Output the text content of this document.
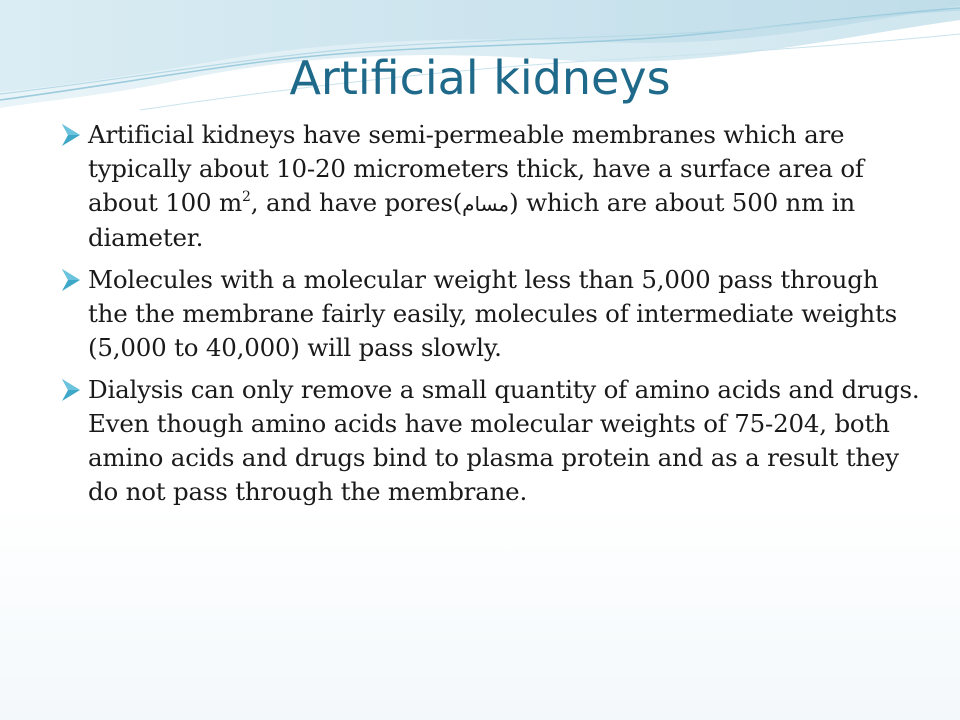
Artificial kidneys
Artificial kidneys have semi-permeable membranes which are typically about 10-20 micrometers thick, have a surface area of about 100 $m^2$, and have pores(مسام) which are about 500 nm in diameter.
Molecules with a molecular weight less than 5,000 pass through the the membrane fairly easily, molecules of intermediate weights (5,000 to 40,000) will pass slowly.
Dialysis can only remove a small quantity of amino acids and drugs. Even though amino acids have molecular weights of 75-204, both amino acids and drugs bind to plasma protein and as a result they do not pass through the membrane.
